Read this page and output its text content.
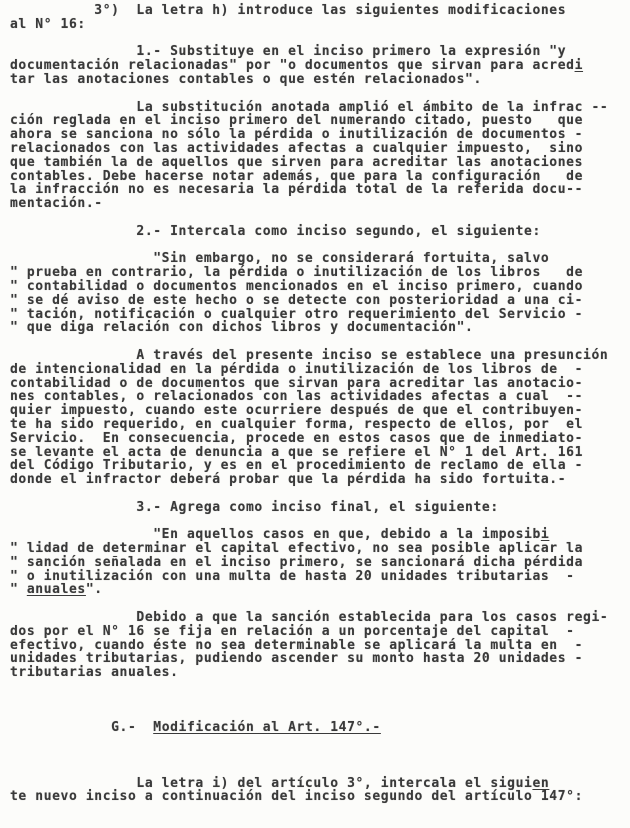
3°)  La letra h) introduce las siguientes modificaciones
al N° 16:

1.- Substituye en el inciso primero la expresión "y
documentación relacionadas" por "o documentos que sirvan para acredi
tar las anotaciones contables o que estén relacionados".

La substitución anotada amplió el ámbito de la infrac --
ción reglada en el inciso primero del numerando citado, puesto   que
ahora se sanciona no sólo la pérdida o inutilización de documentos -
relacionados con las actividades afectas a cualquier impuesto,  sino
que también la de aquellos que sirven para acreditar las anotaciones
contables. Debe hacerse notar además, que para la configuración   de
la infracción no es necesaria la pérdida total de la referida docu--
mentación.-

2.- Intercala como inciso segundo, el siguiente:

"Sin embargo, no se considerará fortuita, salvo
" prueba en contrario, la pérdida o inutilización de los libros   de
" contabilidad o documentos mencionados en el inciso primero, cuando
" se dé aviso de este hecho o se detecte con posterioridad a una ci-
" tación, notificación o cualquier otro requerimiento del Servicio -
" que diga relación con dichos libros y documentación".

A través del presente inciso se establece una presunción
de intencionalidad en la pérdida o inutilización de los libros de  -
contabilidad o de documentos que sirvan para acreditar las anotacio-
nes contables, o relacionados con las actividades afectas a cual  --
quier impuesto, cuando este ocurriere después de que el contribuyen-
te ha sido requerido, en cualquier forma, respecto de ellos, por  el
Servicio.  En consecuencia, procede en estos casos que de inmediato-
se levante el acta de denuncia a que se refiere el N° 1 del Art. 161
del Código Tributario, y es en el procedimiento de reclamo de ella -
donde el infractor deberá probar que la pérdida ha sido fortuita.-

3.- Agrega como inciso final, el siguiente:

"En aquellos casos en que, debido a la imposibi
" lidad de determinar el capital efectivo, no sea posible aplicar la
" sanción señalada en el inciso primero, se sancionará dicha pérdida
" o inutilización con una multa de hasta 20 unidades tributarias  -
" anuales".

Debido a que la sanción establecida para los casos regi-
dos por el N° 16 se fija en relación a un porcentaje del capital  -
efectivo, cuando éste no sea determinable se aplicará la multa en  -
unidades tributarias, pudiendo ascender su monto hasta 20 unidades -
tributarias anuales.

G.-  Modificación al Art. 147°.-

La letra i) del artículo 3°, intercala el siguien
te nuevo inciso a continuación del inciso segundo del artículo 147°:
